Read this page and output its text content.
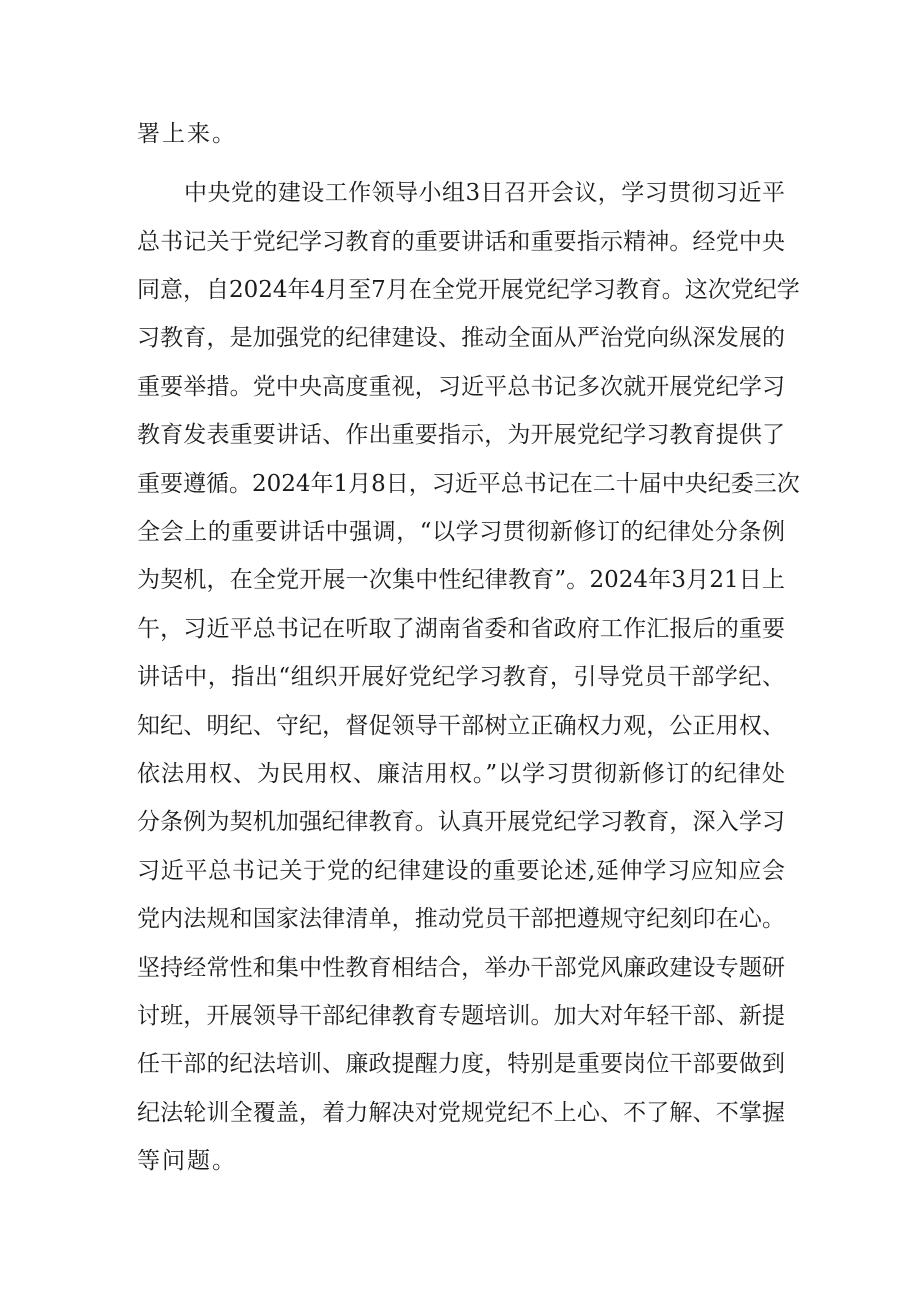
署上来。
中央党的建设工作领导小组3日召开会议，学习贯彻习近平
总书记关于党纪学习教育的重要讲话和重要指示精神。经党中央
同意，自2024年4月至7月在全党开展党纪学习教育。这次党纪学
习教育，是加强党的纪律建设、推动全面从严治党向纵深发展的
重要举措。党中央高度重视，习近平总书记多次就开展党纪学习
教育发表重要讲话、作出重要指示，为开展党纪学习教育提供了
重要遵循。2024年1月8日，习近平总书记在二十届中央纪委三次
全会上的重要讲话中强调，“以学习贯彻新修订的纪律处分条例
为契机，在全党开展一次集中性纪律教育”。2024年3月21日上
午，习近平总书记在听取了湖南省委和省政府工作汇报后的重要
讲话中，指出“组织开展好党纪学习教育，引导党员干部学纪、
知纪、明纪、守纪，督促领导干部树立正确权力观，公正用权、
依法用权、为民用权、廉洁用权。”以学习贯彻新修订的纪律处
分条例为契机加强纪律教育。认真开展党纪学习教育，深入学习
习近平总书记关于党的纪律建设的重要论述,延伸学习应知应会
党内法规和国家法律清单，推动党员干部把遵规守纪刻印在心。
坚持经常性和集中性教育相结合，举办干部党风廉政建设专题研
讨班，开展领导干部纪律教育专题培训。加大对年轻干部、新提
任干部的纪法培训、廉政提醒力度，特别是重要岗位干部要做到
纪法轮训全覆盖，着力解决对党规党纪不上心、不了解、不掌握
等问题。
